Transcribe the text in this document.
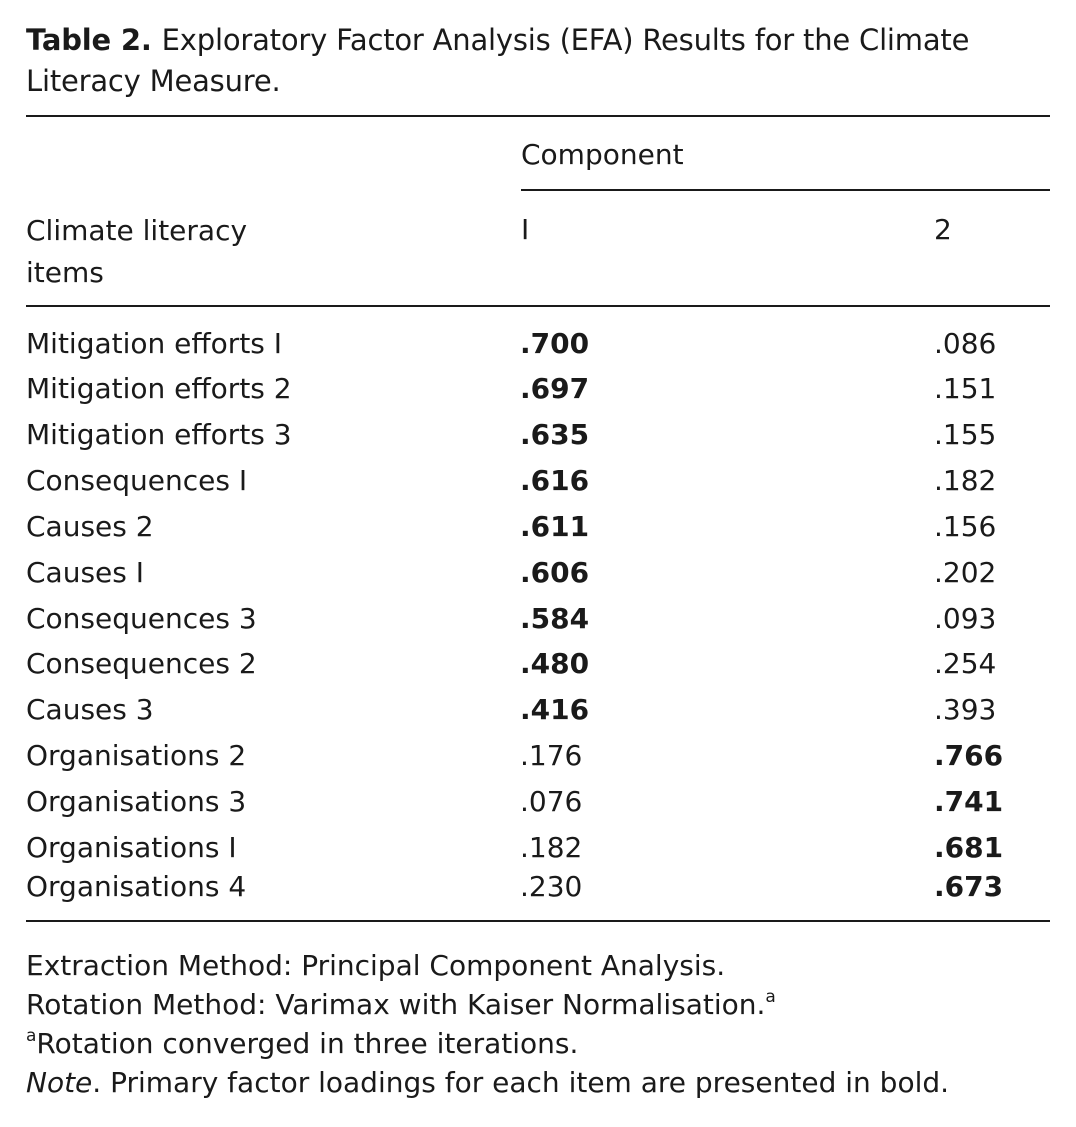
Table 2. Exploratory Factor Analysis (EFA) Results for the Climate Literacy Measure.
Component
Climate literacy items
I	2
Mitigation efforts I	.700	.086
Mitigation efforts 2	.697	.151
Mitigation efforts 3	.635	.155
Consequences I	.616	.182
Causes 2	.611	.156
Causes I	.606	.202
Consequences 3	.584	.093
Consequences 2	.480	.254
Causes 3	.416	.393
Organisations 2	.176	.766
Organisations 3	.076	.741
Organisations I	.182	.681
Organisations 4	.230	.673
Extraction Method: Principal Component Analysis.
Rotation Method: Varimax with Kaiser Normalisation.$^a$
$^a$Rotation converged in three iterations.
Note. Primary factor loadings for each item are presented in bold.
